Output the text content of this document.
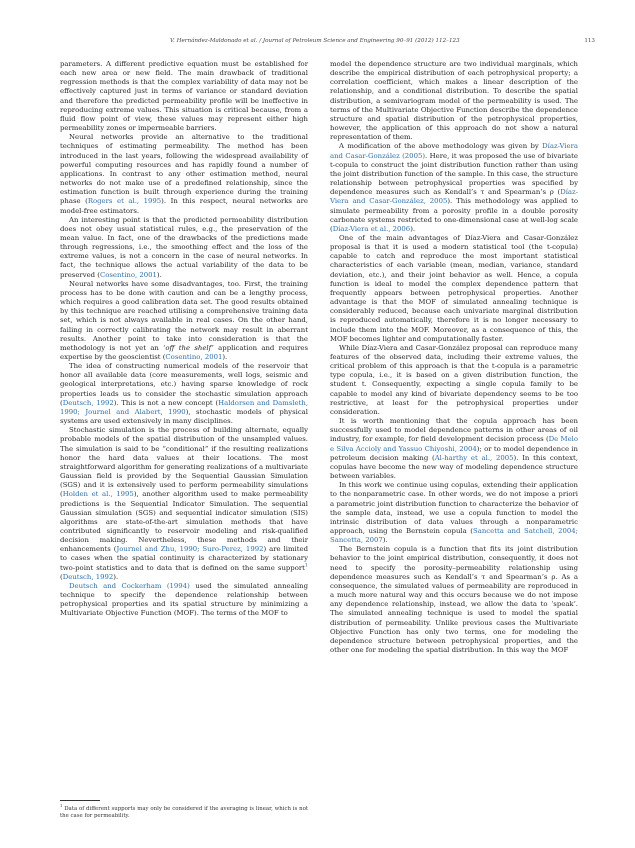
V. Hernández-Maldonado et al. / Journal of Petroleum Science and Engineering 90–91 (2012) 112–123	113

parameters. A different predictive equation must be established for each new area or new field. The main drawback of traditional regression methods is that the complex variability of data may not be effectively captured just in terms of variance or standard deviation and therefore the predicted permeability profile will be ineffective in reproducing extreme values. This situation is critical because, from a fluid flow point of view, these values may represent either high permeability zones or impermeable barriers.

Neural networks provide an alternative to the traditional techniques of estimating permeability. The method has been introduced in the last years, following the widespread availability of powerful computing resources and has rapidly found a number of applications. In contrast to any other estimation method, neural networks do not make use of a predefined relationship, since the estimation function is built through experience during the training phase (Rogers et al., 1995). In this respect, neural networks are model-free estimators.

An interesting point is that the predicted permeability distribution does not obey usual statistical rules, e.g., the preservation of the mean value. In fact, one of the drawbacks of the predictions made through regressions, i.e., the smoothing effect and the loss of the extreme values, is not a concern in the case of neural networks. In fact, the technique allows the actual variability of the data to be preserved (Cosentino, 2001).

Neural networks have some disadvantages, too. First, the training process has to be done with caution and can be a lengthy process, which requires a good calibration data set. The good results obtained by this technique are reached utilising a comprehensive training data set, which is not always available in real cases. On the other hand, failing in correctly calibrating the network may result in aberrant results. Another point to take into consideration is that the methodology is not yet an ‘off the shelf’ application and requires expertise by the geoscientist (Cosentino, 2001).

The idea of constructing numerical models of the reservoir that honor all available data (core measurements, well logs, seismic and geological interpretations, etc.) having sparse knowledge of rock properties leads us to consider the stochastic simulation approach (Deutsch, 1992). This is not a new concept (Haldorsen and Damsleth, 1990; Journel and Alabert, 1990), stochastic models of physical systems are used extensively in many disciplines.

Stochastic simulation is the process of building alternate, equally probable models of the spatial distribution of the unsampled values. The simulation is said to be “conditional” if the resulting realizations honor the hard data values at their locations. The most straightforward algorithm for generating realizations of a multivariate Gaussian field is provided by the Sequential Gaussian Simulation (SGS) and it is extensively used to perform permeability simulations (Holden et al., 1995), another algorithm used to make permeability predictions is the Sequential Indicator Simulation. The sequential Gaussian simulation (SGS) and sequential indicator simulation (SIS) algorithms are state-of-the-art simulation methods that have contributed significantly to reservoir modeling and risk-qualified decision making. Nevertheless, these methods and their enhancements (Journel and Zhu, 1990; Suro-Perez, 1992) are limited to cases when the spatial continuity is characterized by stationary two-point statistics and to data that is defined on the same support$^1$ (Deutsch, 1992).

Deutsch and Cockerham (1994) used the simulated annealing technique to specify the dependence relationship between petrophysical properties and its spatial structure by minimizing a Multivariate Objective Function (MOF). The terms of the MOF to

model the dependence structure are two individual marginals, which describe the empirical distribution of each petrophysical property; a correlation coefficient, which makes a linear description of the relationship, and a conditional distribution. To describe the spatial distribution, a semivariogram model of the permeability is used. The terms of the Multivariate Objective Function describe the dependence structure and spatial distribution of the petrophysical properties, however, the application of this approach do not show a natural representation of them.

A modification of the above methodology was given by Díaz-Viera and Casar-González (2005). Here, it was proposed the use of bivariate t-copula to construct the joint distribution function rather than using the joint distribution function of the sample. In this case, the structure relationship between petrophysical properties was specified by dependence measures such as Kendall’s τ and Spearman’s ρ (Díaz-Viera and Casar-González, 2005). This methodology was applied to simulate permeability from a porosity profile in a double porosity carbonate systems restricted to one-dimensional case at well-log scale (Díaz-Viera et al., 2006).

One of the main advantages of Díaz-Viera and Casar-González proposal is that it is used a modern statistical tool (the t-copula) capable to catch and reproduce the most important statistical characteristics of each variable (mean, median, variance, standard deviation, etc.), and their joint behavior as well. Hence, a copula function is ideal to model the complex dependence pattern that frequently appears between petrophysical properties. Another advantage is that the MOF of simulated annealing technique is considerably reduced, because each univariate marginal distribution is reproduced automatically, therefore it is no longer necessary to include them into the MOF. Moreover, as a consequence of this, the MOF becomes lighter and computationally faster.

While Díaz-Viera and Casar-González proposal can reproduce many features of the observed data, including their extreme values, the critical problem of this approach is that the t-copula is a parametric type copula, i.e., it is based on a given distribution function, the student t. Consequently, expecting a single copula family to be capable to model any kind of bivariate dependency seems to be too restrictive, at least for the petrophysical properties under consideration.

It is worth mentioning that the copula approach has been successfully used to model dependence patterns in other areas of oil industry, for example, for field development decision process (De Melo e Silva Accioly and Yassuo Chiyoshi, 2004); or to model dependence in petroleum decision making (Al-harthy et al., 2005). In this context, copulas have become the new way of modeling dependence structure between variables.

In this work we continue using copulas, extending their application to the nonparametric case. In other words, we do not impose a priori a parametric joint distribution function to characterize the behavior of the sample data, instead, we use a copula function to model the intrinsic distribution of data values through a nonparametric approach, using the Bernstein copula (Sancetta and Satchell, 2004; Sancetta, 2007).

The Bernstein copula is a function that fits its joint distribution behavior to the joint empirical distribution, consequently, it does not need to specify the porosity–permeability relationship using dependence measures such as Kendall’s τ and Spearman’s ρ. As a consequence, the simulated values of permeability are reproduced in a much more natural way and this occurs because we do not impose any dependence relationship, instead, we allow the data to ‘speak’. The simulated annealing technique is used to model the spatial distribution of permeability. Unlike previous cases the Multivariate Objective Function has only two terms, one for modeling the dependence structure between petrophysical properties, and the other one for modeling the spatial distribution. In this way the MOF

$^1$ Data of different supports may only be considered if the averaging is linear, which is not the case for permeability.
